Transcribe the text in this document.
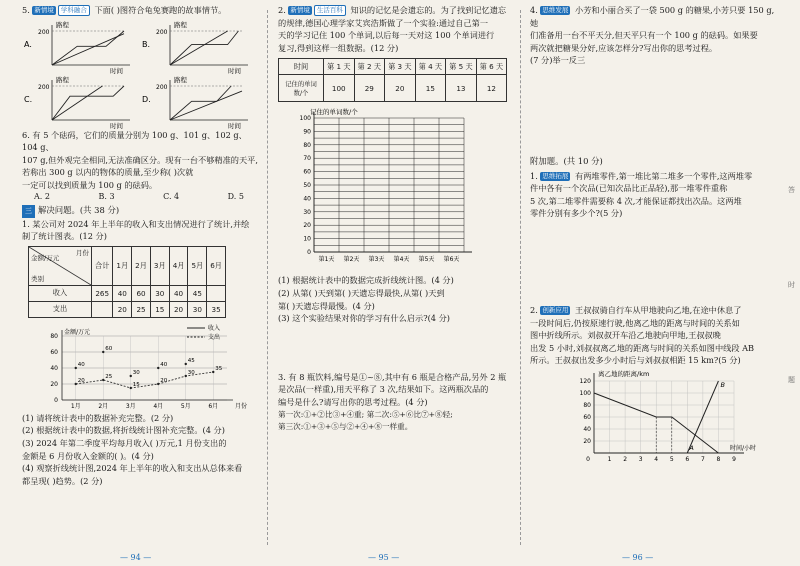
5. 新情境 学科融合 下面( )图符合龟兔赛跑的故事情节。

A.
路程
时间
200
B.
路程
时间
200
C.
路程
时间
200
D.
路程
时间
200

6. 有 5 个砝码，它们的质量分别为 100 g、101 g、102 g、104 g、

107 g,但外观完全相同,无法准确区分。现有一台不够精准的天平,

若称出 300 g 以内的物体的质量,至少称( )次就

一定可以找到质量为 100 g 的砝码。

A. 2	B. 3	C. 4	D. 5
三 解决问题。(共 38 分)

1. 某公司对 2024 年上半年的收入和支出情况进行了统计,并绘

制了统计图表。(12 分)

金额/万元
月份
类别	合计	1月	2月	3月	4月	5月	6月
收入	265	40	60	30	40	45	
支出		20	25	15	20	30	35
0
20
40
60
80
1月	2月	3月	4月	5月	6月
金额/万元
月份
收入
支出
40
60
30
40
45
20
25
15
20
30
35

(1) 请将统计表中的数据补充完整。(2 分)

(2) 根据统计表中的数据,将折线统计图补充完整。(4 分)

(3) 2024 年第二季度平均每月收入( )万元,1 月份支出的

金额是 6 月份收入金额的( )。(4 分)

(4) 观察折线统计图,2024 年上半年的收入和支出从总体来看

都呈现( )趋势。(2 分)

— 94 —

2. 新情境 生活百科 知识的记忆是会遗忘的。为了找到记忆遗忘

的规律,德国心理学家艾宾浩斯做了一个实验:通过自己第一

天的学习记住 100 个单词,以后每一天对这 100 个单词进行

复习,得到这样一组数据。(12 分)

时间	第 1 天	第 2 天	第 3 天	第 4 天	第 5 天	第 6 天
记住的单词数/个	100	29	20	15	13	12
记住的单词数/个
0
10
20
30
40
50
60
70
80
90
100
第1天 第2天 第3天 第4天 第5天 第6天

(1) 根据统计表中的数据完成折线统计图。(4 分)

(2) 从第( )天到第( )天遗忘得最快,从第( )天到

第( )天遗忘得最慢。(4 分)

(3) 这个实验结果对你的学习有什么启示?(4 分)

3. 有 8 瓶饮料,编号是①~⑧,其中有 6 瓶是合格产品,另外 2 瓶

是次品(一样重),用天平称了 3 次,结果如下。这两瓶次品的

编号是什么?请写出你的思考过程。(4 分)

第一次:①+②比③+④重; 第二次:⑤+⑥比⑦+⑧轻;

第三次:①+③+⑤与②+④+⑧一样重。

— 95 —

4. 思维发展 小芳和小丽合买了一袋 500 g 的糖果,小芳只要 150 g,她

们准备用一台不平天分,但天平只有一个 100 g 的砝码。如果要

两次就把糖果分好,应该怎样分?写出你的思考过程。

(7 分)举一反三

附加题。(共 10 分)

1. 思维拓展 有两堆零件,第一堆比第二堆多一个零件,这两堆零

件中各有一个次品(已知次品比正品轻),那一堆零件重称

5 次,第二堆零件需要称 4 次,才能保证都找出次品。这两堆

零件分别有多少个?(5 分)

2. 创新应用 王叔叔骑自行车从甲地驶向乙地,在途中休息了

一段时间后,仍按原速行驶,他离乙地的距离与时间的关系如

图中折线所示。刘叔叔开车沿乙地驶向甲地,王叔叔晚

出发 5 小时,刘叔叔离乙地的距离与时间的关系如图中线段 AB

所示。王叔叔出发多少小时后与刘叔叔相距 15 km?(5 分)

1 2 3 4 5 6 7 8 9
20
40
60
80
100
120
0
离乙地的距离/km
时间/小时
A
B
— 96 —
答
时
题
